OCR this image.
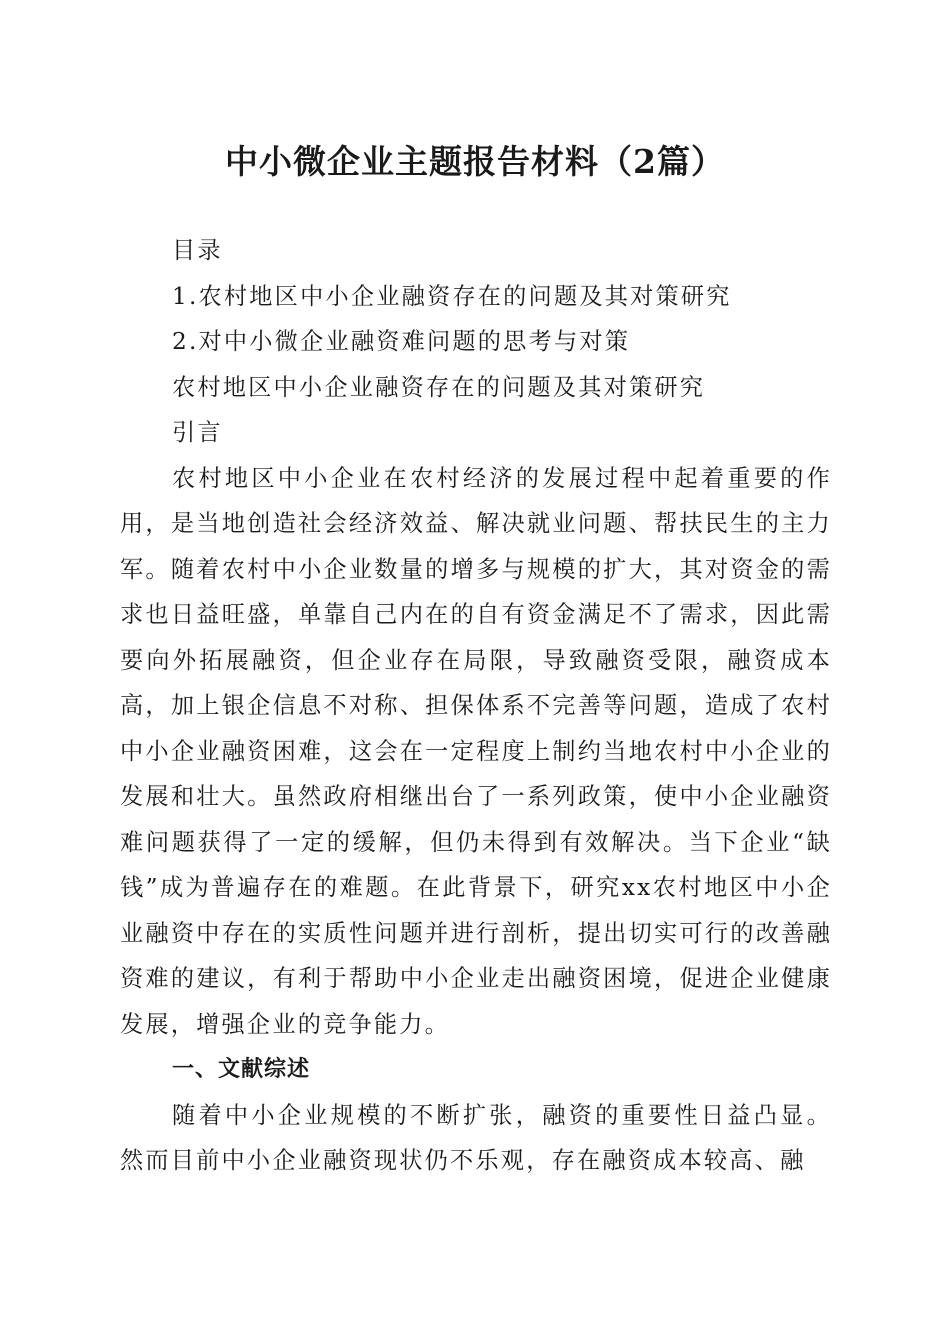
中小微企业主题报告材料（2篇）

目录

1.农村地区中小企业融资存在的问题及其对策研究

2.对中小微企业融资难问题的思考与对策

农村地区中小企业融资存在的问题及其对策研究

引言

农村地区中小企业在农村经济的发展过程中起着重要的作用，是当地创造社会经济效益、解决就业问题、帮扶民生的主力军。随着农村中小企业数量的增多与规模的扩大，其对资金的需求也日益旺盛，单靠自己内在的自有资金满足不了需求，因此需要向外拓展融资，但企业存在局限，导致融资受限，融资成本高，加上银企信息不对称、担保体系不完善等问题，造成了农村中小企业融资困难，这会在一定程度上制约当地农村中小企业的发展和壮大。虽然政府相继出台了一系列政策，使中小企业融资难问题获得了一定的缓解，但仍未得到有效解决。当下企业“缺钱”成为普遍存在的难题。在此背景下，研究xx农村地区中小企业融资中存在的实质性问题并进行剖析，提出切实可行的改善融资难的建议，有利于帮助中小企业走出融资困境，促进企业健康发展，增强企业的竞争能力。

一、文献综述

随着中小企业规模的不断扩张，融资的重要性日益凸显。然而目前中小企业融资现状仍不乐观，存在融资成本较高、融
